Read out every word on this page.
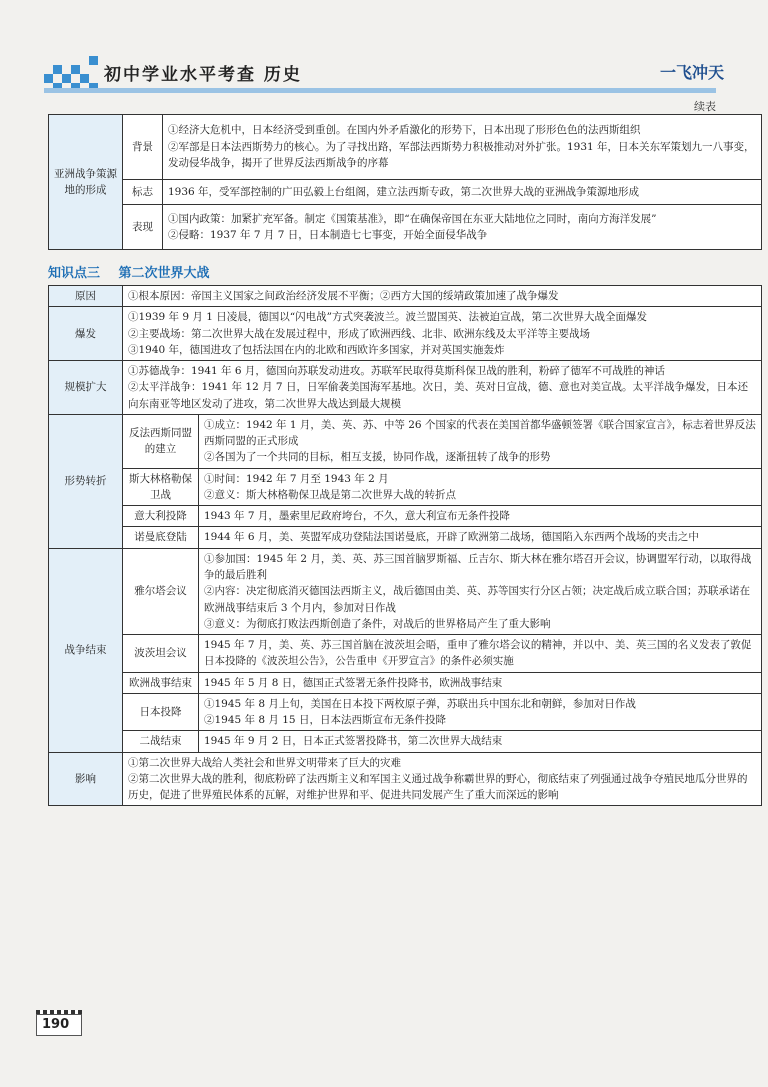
初中学业水平考查 历史	一飞冲天
续表
亚洲战争策源地的形成	背景	①经济大危机中，日本经济受到重创。在国内外矛盾激化的形势下，日本出现了形形色色的法西斯组织
②军部是日本法西斯势力的核心。为了寻找出路，军部法西斯势力积极推动对外扩张。1931 年，日本关东军策划九一八事变，发动侵华战争，揭开了世界反法西斯战争的序幕

	标志	1936 年，受军部控制的广田弘毅上台组阁，建立法西斯专政，第二次世界大战的亚洲战争策源地形成

	表现	①国内政策：加紧扩充军备。制定《国策基准》，即“在确保帝国在东亚大陆地位之同时，南向方海洋发展”
②侵略：1937 年 7 月 7 日，日本制造七七事变，开始全面侵华战争
知识点三 第二次世界大战
原因	①根本原因：帝国主义国家之间政治经济发展不平衡；②西方大国的绥靖政策加速了战争爆发	

爆发	①1939 年 9 月 1 日凌晨，德国以“闪电战”方式突袭波兰。波兰盟国英、法被迫宣战，第二次世界大战全面爆发
②主要战场：第二次世界大战在发展过程中，形成了欧洲西线、北非、欧洲东线及太平洋等主要战场
③1940 年，德国进攻了包括法国在内的北欧和西欧许多国家，并对英国实施轰炸	

规模扩大	①苏德战争：1941 年 6 月，德国向苏联发动进攻。苏联军民取得莫斯科保卫战的胜利，粉碎了德军不可战胜的神话
②太平洋战争：1941 年 12 月 7 日，日军偷袭美国海军基地。次日，美、英对日宣战，德、意也对美宣战。太平洋战争爆发，日本还向东南亚等地区发动了进攻，第二次世界大战达到最大规模	

形势转折	反法西斯同盟的建立	①成立：1942 年 1 月，美、英、苏、中等 26 个国家的代表在美国首都华盛顿签署《联合国家宣言》，标志着世界反法西斯同盟的正式形成
②各国为了一个共同的目标，相互支援，协同作战，逐渐扭转了战争的形势

	斯大林格勒保卫战	①时间：1942 年 7 月至 1943 年 2 月
②意义：斯大林格勒保卫战是第二次世界大战的转折点

	意大利投降	1943 年 7 月，墨索里尼政府垮台，不久，意大利宣布无条件投降

	诺曼底登陆	1944 年 6 月，美、英盟军成功登陆法国诺曼底，开辟了欧洲第二战场，德国陷入东西两个战场的夹击之中

战争结束	雅尔塔会议	①参加国：1945 年 2 月，美、英、苏三国首脑罗斯福、丘吉尔、斯大林在雅尔塔召开会议，协调盟军行动，以取得战争的最后胜利
②内容：决定彻底消灭德国法西斯主义，战后德国由美、英、苏等国实行分区占领；决定战后成立联合国；苏联承诺在欧洲战事结束后 3 个月内，参加对日作战
③意义：为彻底打败法西斯创造了条件，对战后的世界格局产生了重大影响

	波茨坦会议	1945 年 7 月，美、英、苏三国首脑在波茨坦会晤，重申了雅尔塔会议的精神，并以中、美、英三国的名义发表了敦促日本投降的《波茨坦公告》，公告重申《开罗宣言》的条件必须实施

	欧洲战事结束	1945 年 5 月 8 日，德国正式签署无条件投降书，欧洲战事结束

	日本投降	①1945 年 8 月上旬，美国在日本投下两枚原子弹，苏联出兵中国东北和朝鲜，参加对日作战
②1945 年 8 月 15 日，日本法西斯宣布无条件投降

	二战结束	1945 年 9 月 2 日，日本正式签署投降书，第二次世界大战结束

影响	①第二次世界大战给人类社会和世界文明带来了巨大的灾难
②第二次世界大战的胜利，彻底粉碎了法西斯主义和军国主义通过战争称霸世界的野心，彻底结束了列强通过战争夺殖民地瓜分世界的历史，促进了世界殖民体系的瓦解，对维护世界和平、促进共同发展产生了重大而深远的影响	
190
